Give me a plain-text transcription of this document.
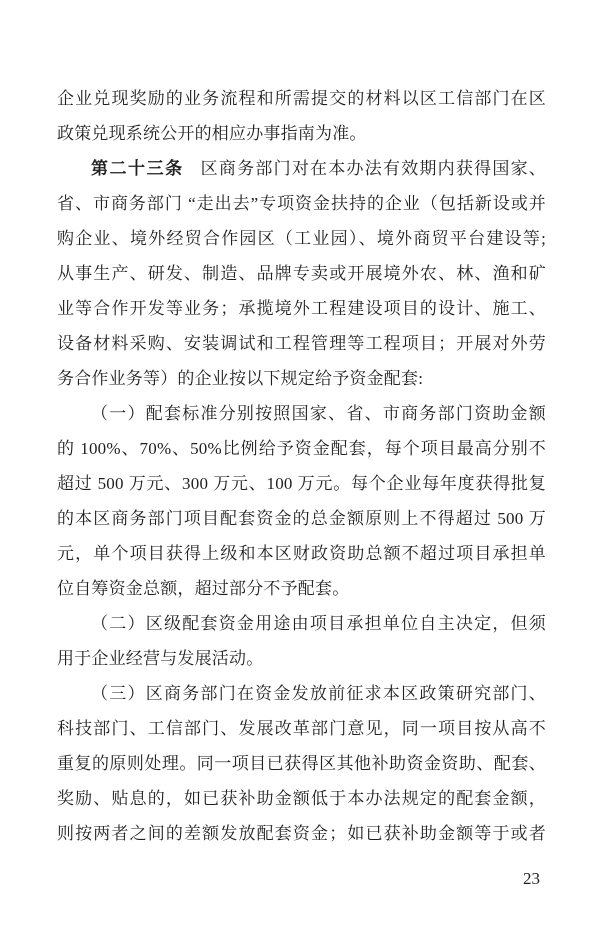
企业兑现奖励的业务流程和所需提交的材料以区工信部门在区
政策兑现系统公开的相应办事指南为准。
第二十三条 区商务部门对在本办法有效期内获得国家、
省、市商务部门 “走出去”专项资金扶持的企业（包括新设或并
购企业、境外经贸合作园区（工业园）、境外商贸平台建设等;
从事生产、研发、制造、品牌专卖或开展境外农、林、渔和矿
业等合作开发等业务；承揽境外工程建设项目的设计、施工、
设备材料采购、安装调试和工程管理等工程项目；开展对外劳
务合作业务等）的企业按以下规定给予资金配套:
（一）配套标准分别按照国家、省、市商务部门资助金额
的 100%、70%、50%比例给予资金配套，每个项目最高分别不
超过 500 万元、300 万元、100 万元。每个企业每年度获得批复
的本区商务部门项目配套资金的总金额原则上不得超过 500 万
元，单个项目获得上级和本区财政资助总额不超过项目承担单
位自筹资金总额，超过部分不予配套。
（二）区级配套资金用途由项目承担单位自主决定，但须
用于企业经营与发展活动。
（三）区商务部门在资金发放前征求本区政策研究部门、
科技部门、工信部门、发展改革部门意见，同一项目按从高不
重复的原则处理。同一项目已获得区其他补助资金资助、配套、
奖励、贴息的，如已获补助金额低于本办法规定的配套金额，
则按两者之间的差额发放配套资金；如已获补助金额等于或者
23
